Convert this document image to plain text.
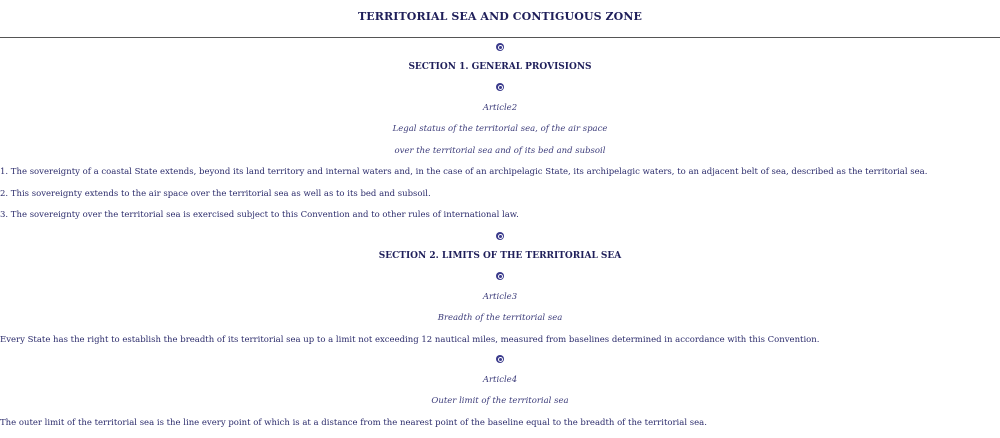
TERRITORIAL SEA AND CONTIGUOUS ZONE
SECTION 1. GENERAL PROVISIONS
Article2
Legal status of the territorial sea, of the air space
over the territorial sea and of its bed and subsoil
1. The sovereignty of a coastal State extends, beyond its land territory and internal waters and, in the case of an archipelagic State, its archipelagic waters, to an adjacent belt of sea, described as the territorial sea.
2. This sovereignty extends to the air space over the territorial sea as well as to its bed and subsoil.
3. The sovereignty over the territorial sea is exercised subject to this Convention and to other rules of international law.
SECTION 2. LIMITS OF THE TERRITORIAL SEA
Article3
Breadth of the territorial sea
Every State has the right to establish the breadth of its territorial sea up to a limit not exceeding 12 nautical miles, measured from baselines determined in accordance with this Convention.
Article4
Outer limit of the territorial sea
The outer limit of the territorial sea is the line every point of which is at a distance from the nearest point of the baseline equal to the breadth of the territorial sea.
